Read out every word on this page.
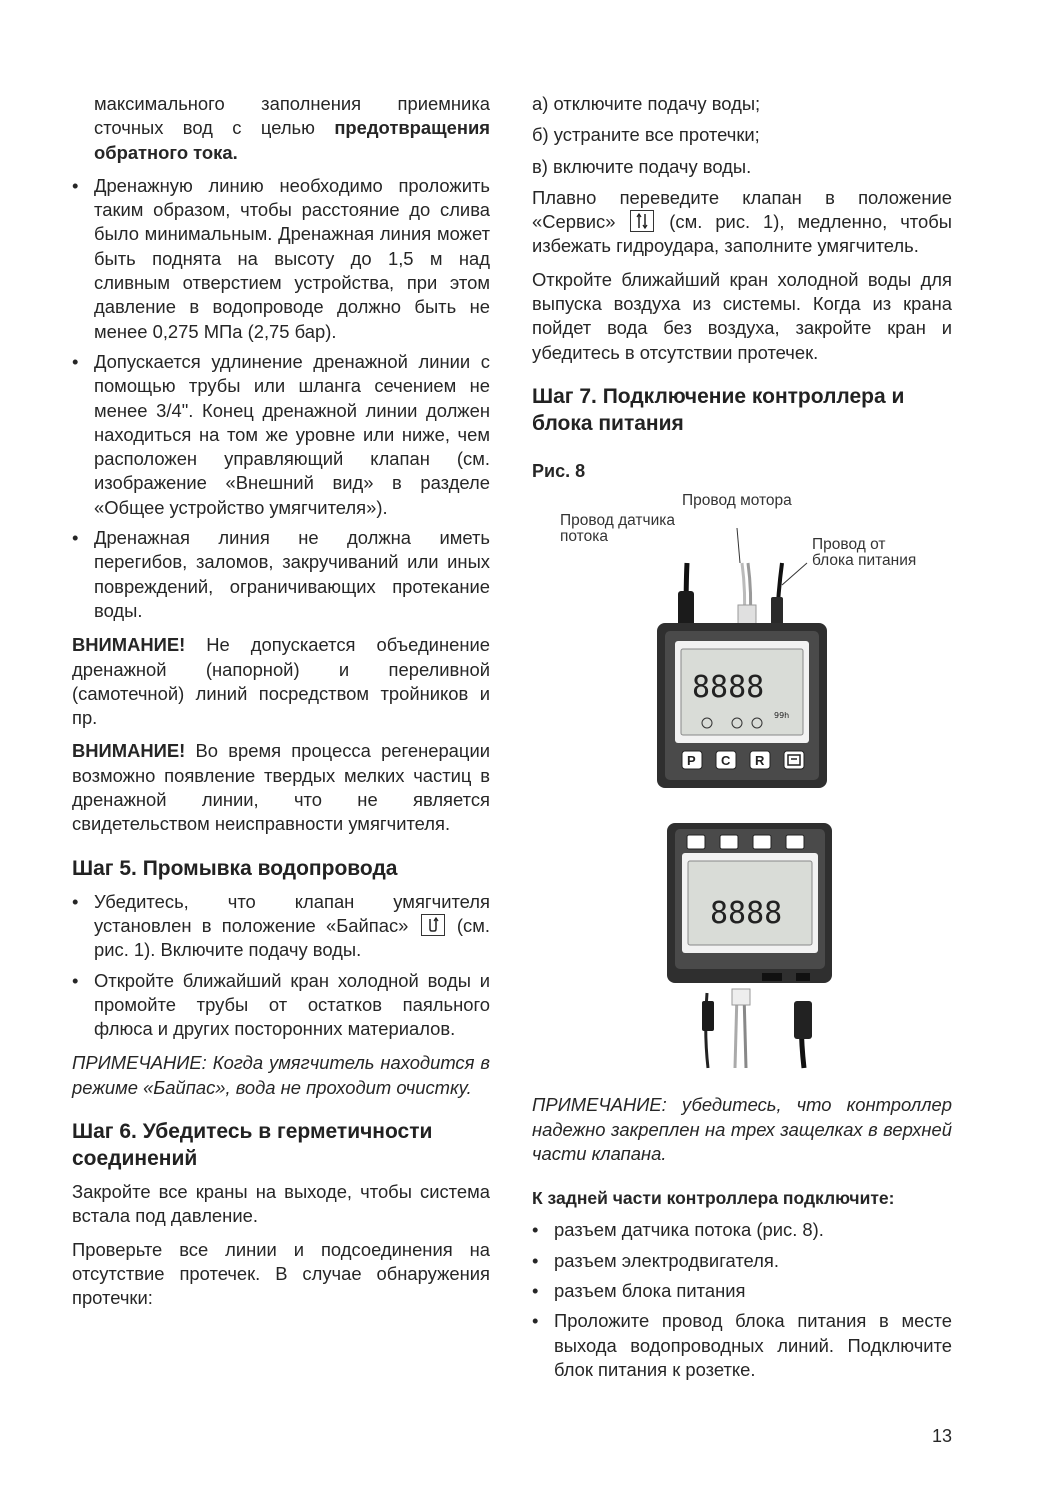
максимального заполнения приемника сточных вод с целью предотвращения обратного тока.

• Дренажную линию необходимо проложить таким образом, чтобы расстояние до слива было минимальным. Дренажная линия может быть поднята на высоту до 1,5 м над сливным отверстием устройства, при этом давление в водопроводе должно быть не менее 0,275 МПа (2,75 бар).
• Допускается удлинение дренажной линии с помощью трубы или шланга сечением не менее 3/4". Конец дренажной линии должен находиться на том же уровне или ниже, чем расположен управляющий клапан (см. изображение «Внешний вид» в разделе «Общее устройство умягчителя»).
• Дренажная линия не должна иметь перегибов, заломов, закручиваний или иных повреждений, ограничивающих протекание воды.

ВНИМАНИЕ! Не допускается объединение дренажной (напорной) и переливной (самотечной) линий посредством тройников и пр.

ВНИМАНИЕ! Во время процесса регенерации возможно появление твердых мелких частиц в дренажной линии, что не является свидетельством неисправности умягчителя.

Шаг 5. Промывка водопровода
• Убедитесь, что клапан умягчителя установлен в положение «Байпас»  (см. рис. 1). Включите подачу воды.
• Откройте ближайший кран холодной воды и промойте трубы от остатков паяльного флюса и других посторонних материалов.

ПРИМЕЧАНИЕ: Когда умягчитель находится в режиме «Байпас», вода не проходит очистку.

Шаг 6. Убедитесь в герметичности соединений

Закройте все краны на выходе, чтобы система встала под давление.

Проверьте все линии и подсоединения на отсутствие протечек. В случае обнаружения протечки:

а) отключите подачу воды;

б) устраните все протечки;

в) включите подачу воды.

Плавно переведите клапан в положение «Сервис»  (см. рис. 1), медленно, чтобы избежать гидроудара, заполните умягчитель.

Откройте ближайший кран холодной воды для выпуска воздуха из системы. Когда из крана пойдет вода без воздуха, закройте кран и убедитесь в отсутствии протечек.

Шаг 7. Подключение контроллера и блока питания
Рис. 8
Провод мотора
Провод датчика
потока	Провод от
блока питания
8888
99h
P C R
8888

ПРИМЕЧАНИЕ: убедитесь, что контроллер надежно закреплен на трех защелках в верхней части клапана.

К задней части контроллера подключите:
• разъем датчика потока (рис. 8).
• разъем электродвигателя.
• разъем блока питания
• Проложите провод блока питания в месте выхода водопроводных линий. Подключите блок питания к розетке.
13
